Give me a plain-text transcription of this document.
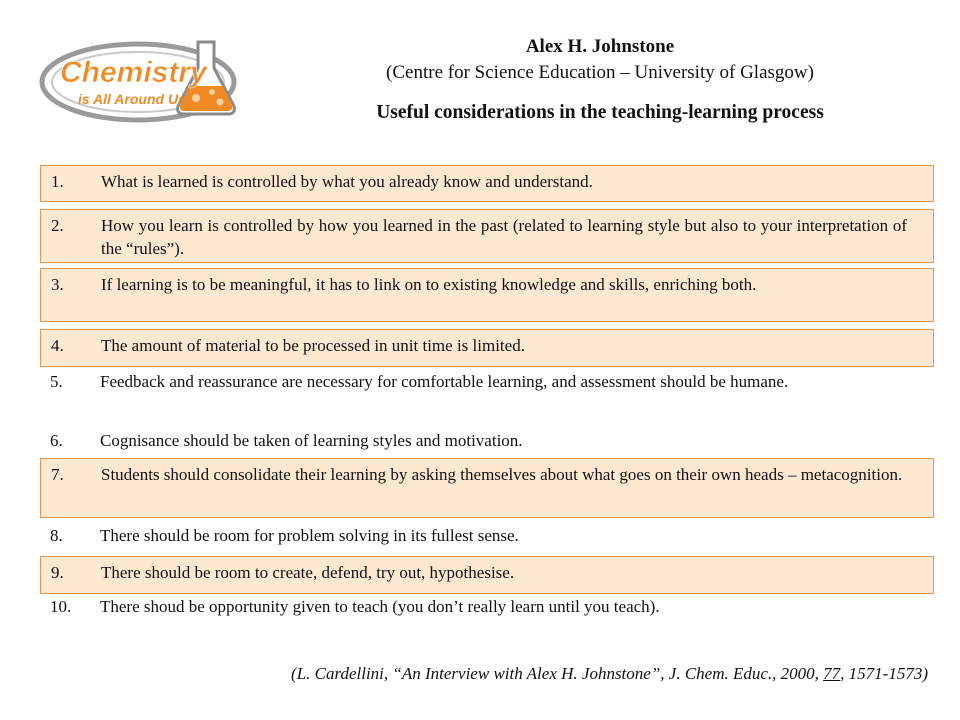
Chemistry
is All Around Us
Alex H. Johnstone
(Centre for Science Education – University of Glasgow)
Useful considerations in the teaching-learning process
1. What is learned is controlled by what you already know and understand.
2. How you learn is controlled by how you learned in the past (related to learning style but also to your interpretation of the “rules”).
3. If learning is to be meaningful, it has to link on to existing knowledge and skills, enriching both.
4. The amount of material to be processed in unit time is limited.
5. Feedback and reassurance are necessary for comfortable learning, and assessment should be humane.
6. Cognisance should be taken of learning styles and motivation.
7. Students should consolidate their learning by asking themselves about what goes on their own heads – metacognition.
8. There should be room for problem solving in its fullest sense.
9. There should be room to create, defend, try out, hypothesise.
10. There shoud be opportunity given to teach (you don’t really learn until you teach).
(L. Cardellini, “An Interview with Alex H. Johnstone”, J. Chem. Educ., 2000, 77, 1571-1573)
